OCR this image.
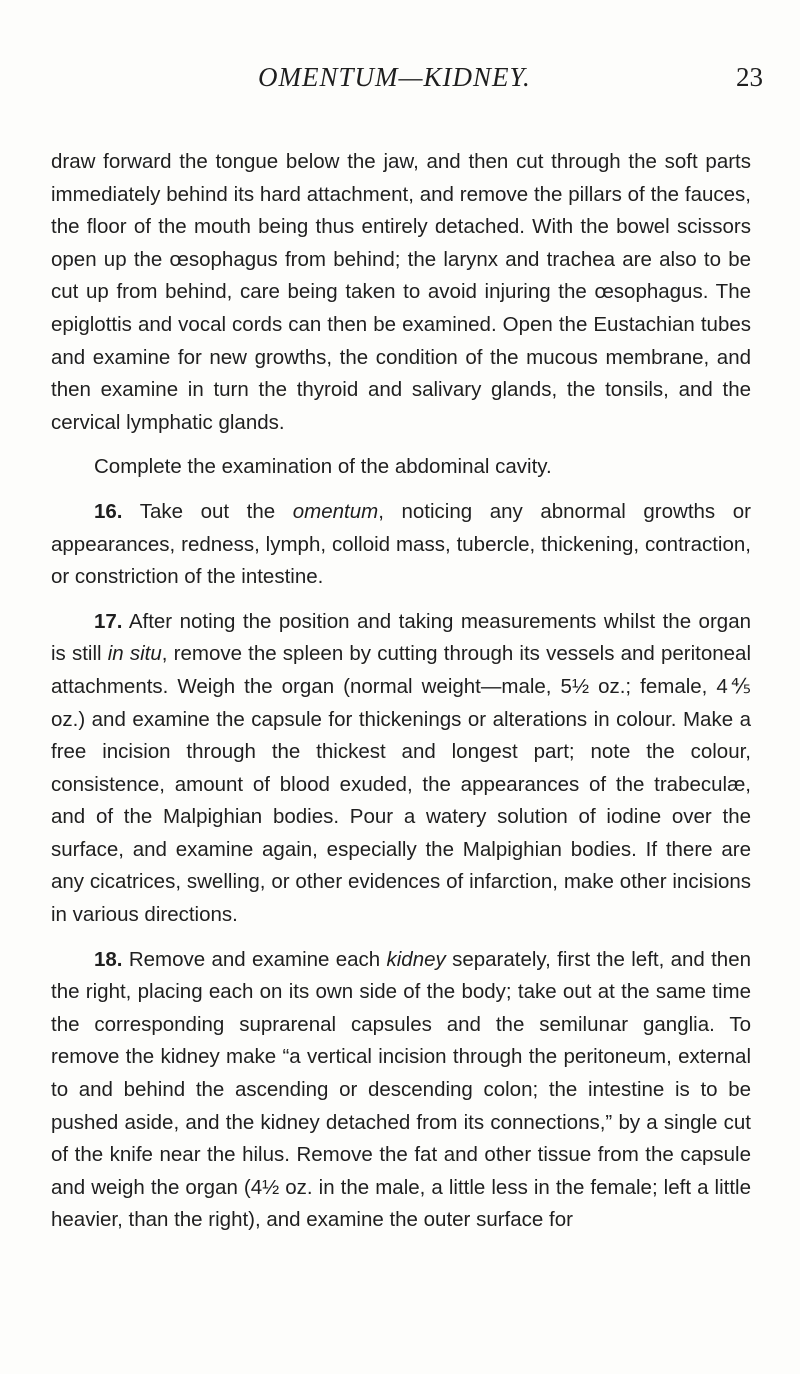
OMENTUM—KIDNEY.	23

draw forward the tongue below the jaw, and then cut through the soft parts immediately behind its hard attachment, and remove the pillars of the fauces, the floor of the mouth being thus entirely detached. With the bowel scissors open up the œsophagus from behind; the larynx and trachea are also to be cut up from behind, care being taken to avoid injuring the œsophagus. The epiglottis and vocal cords can then be examined. Open the Eustachian tubes and examine for new growths, the condition of the mucous membrane, and then examine in turn the thyroid and salivary glands, the tonsils, and the cervical lymphatic glands.

Complete the examination of the abdominal cavity.

16. Take out the omentum, noticing any abnormal growths or appearances, redness, lymph, colloid mass, tubercle, thickening, contraction, or constriction of the intestine.

17. After noting the position and taking measurements whilst the organ is still in situ, remove the spleen by cutting through its vessels and peritoneal attachments. Weigh the organ (normal weight—male, 5½ oz.; female, 4⅘ oz.) and examine the capsule for thickenings or alterations in colour. Make a free incision through the thickest and longest part; note the colour, consistence, amount of blood exuded, the appearances of the trabeculæ, and of the Malpighian bodies. Pour a watery solution of iodine over the surface, and examine again, especially the Malpighian bodies. If there are any cicatrices, swelling, or other evidences of infarction, make other incisions in various directions.

18. Remove and examine each kidney separately, first the left, and then the right, placing each on its own side of the body; take out at the same time the corresponding suprarenal capsules and the semilunar ganglia. To remove the kidney make “a vertical incision through the peritoneum, external to and behind the ascending or descending colon; the intestine is to be pushed aside, and the kidney detached from its connections,” by a single cut of the knife near the hilus. Remove the fat and other tissue from the capsule and weigh the organ (4½ oz. in the male, a little less in the female; left a little heavier, than the right), and examine the outer surface for
